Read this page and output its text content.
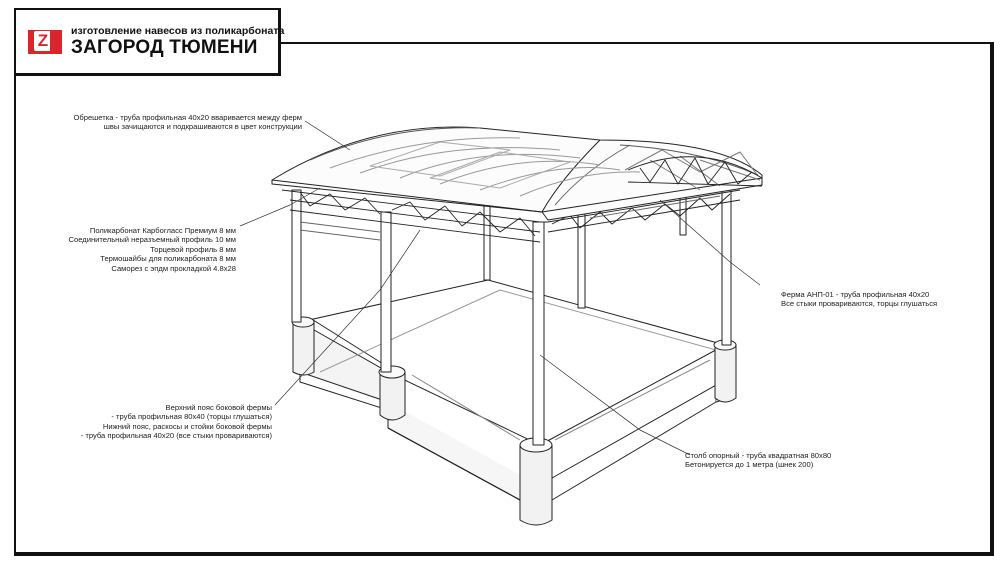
Z	изготовление навесов из поликарбоната
ЗАГОРОД ТЮМЕНИ
Обрешетка - труба профильная 40х20 вваривается между ферм
швы зачищаются и подкрашиваются в цвет конструкции
Поликарбонат Карбогласс Премиум 8 мм
Соединительный неразъемный профиль 10 мм
Торцевой профиль 8 мм
Термошайбы для поликарбоната 8 мм
Саморез с эпдм прокладкой 4.8х28
Ферма АНП-01 - труба профильная 40х20
Все стыки провариваются, торцы глушаться
Верхний пояс боковой фермы
- труба профильная 80х40 (торцы глушаться)
Нижний пояс, раскосы и стойки боковой фермы
- труба профильная 40х20 (все стыки провариваются)
Столб опорный - труба квадратная 80х80
Бетонируется до 1 метра (шнек 200)
